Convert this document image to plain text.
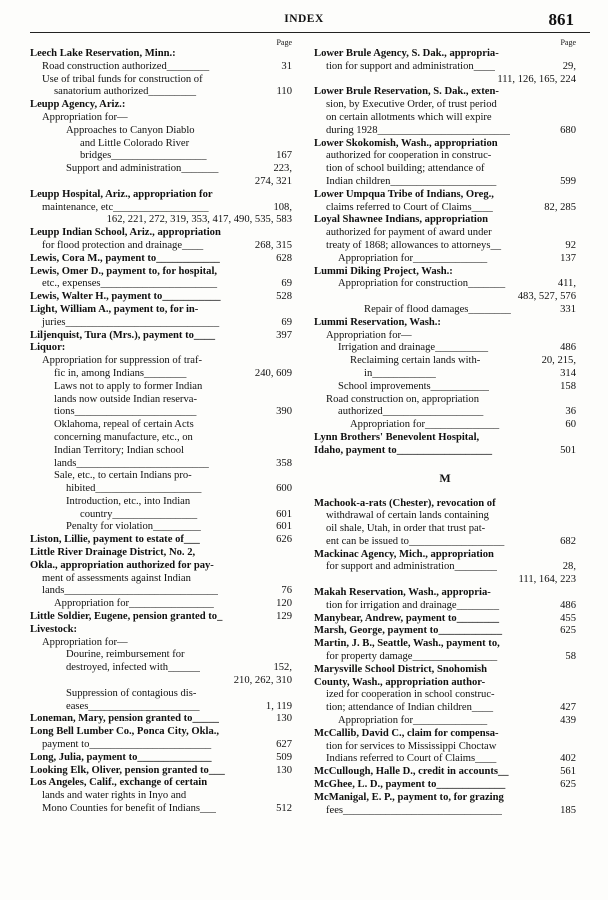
INDEX	861
Page
Leech Lake Reservation, Minn.:
Road construction authorized________	31
Use of tribal funds for construction of
sanatorium authorized_________	110
Leupp Agency, Ariz.:
Appropriation for—
Approaches to Canyon Diablo
and Little Colorado River
bridges__________________	167
Support and administration_______	223,
274, 321
Leupp Hospital, Ariz., appropriation for
maintenance, etc__________________	108,
162, 221, 272, 319, 353, 417, 490, 535, 583
Leupp Indian School, Ariz., appropriation
for flood protection and drainage____	268, 315
Lewis, Cora M., payment to____________	628
Lewis, Omer D., payment to, for hospital,
etc., expenses______________________	69
Lewis, Walter H., payment to___________	528
Light, William A., payment to, for in-
juries_____________________________	69
Liljenquist, Tura (Mrs.), payment to____	397
Liquor:
Appropriation for suppression of traf-
fic in, among Indians________	240, 609
Laws not to apply to former Indian
lands now outside Indian reserva-
tions_______________________	390
Oklahoma, repeal of certain Acts
concerning manufacture, etc., on
Indian Territory; Indian school
lands_________________________	358
Sale, etc., to certain Indians pro-
hibited____________________	600
Introduction, etc., into Indian
country________________	601
Penalty for violation_________	601
Liston, Lillie, payment to estate of___	626
Little River Drainage District, No. 2,
Okla., appropriation authorized for pay-
ment of assessments against Indian
lands_____________________________	76
Appropriation for________________	120
Little Soldier, Eugene, pension granted to_	129
Livestock:
Appropriation for—
Dourine, reimbursement for
destroyed, infected with______	152,
210, 262, 310
Suppression of contagious dis-
eases_____________________	1, 119
Loneman, Mary, pension granted to_____	130
Long Bell Lumber Co., Ponca City, Okla.,
payment to_______________________	627
Long, Julia, payment to______________	509
Looking Elk, Oliver, pension granted to___	130
Los Angeles, Calif., exchange of certain
lands and water rights in Inyo and
Mono Counties for benefit of Indians___	512
Page
Lower Brule Agency, S. Dak., appropria-
tion for support and administration____	29,
111, 126, 165, 224
Lower Brule Reservation, S. Dak., exten-
sion, by Executive Order, of trust period
on certain allotments which will expire
during 1928_________________________	680
Lower Skokomish, Wash., appropriation
authorized for cooperation in construc-
tion of school building; attendance of
Indian children____________________	599
Lower Umpqua Tribe of Indians, Oreg.,
claims referred to Court of Claims____	82, 285
Loyal Shawnee Indians, appropriation
authorized for payment of award under
treaty of 1868; allowances to attorneys__	92
Appropriation for______________	137
Lummi Diking Project, Wash.:
Appropriation for construction_______	411,
483, 527, 576
Repair of flood damages________	331
Lummi Reservation, Wash.:
Appropriation for—
Irrigation and drainage__________	486
Reclaiming certain lands with-
in____________
20, 215, 314
School improvements___________	158
Road construction on, appropriation
authorized___________________	36
Appropriation for______________	60
Lynn Brothers' Benevolent Hospital,
Idaho, payment to__________________	501
M
Machook-a-rats (Chester), revocation of
withdrawal of certain lands containing
oil shale, Utah, in order that trust pat-
ent can be issued to__________________	682
Mackinac Agency, Mich., appropriation
for support and administration________	28,
111, 164, 223
Makah Reservation, Wash., appropria-
tion for irrigation and drainage________	486
Manybear, Andrew, payment to________	455
Marsh, George, payment to____________	625
Martin, J. B., Seattle, Wash., payment to,
for property damage________________	58
Marysville School District, Snohomish
County, Wash., appropriation author-
ized for cooperation in school construc-
tion; attendance of Indian children____	427
Appropriation for______________	439
McCallib, David C., claim for compensa-
tion for services to Mississippi Choctaw
Indians referred to Court of Claims____	402
McCullough, Halle D., credit in accounts__	561
McGhee, L. D., payment to_____________	625
McManigal, E. P., payment to, for grazing
fees______________________________	185
